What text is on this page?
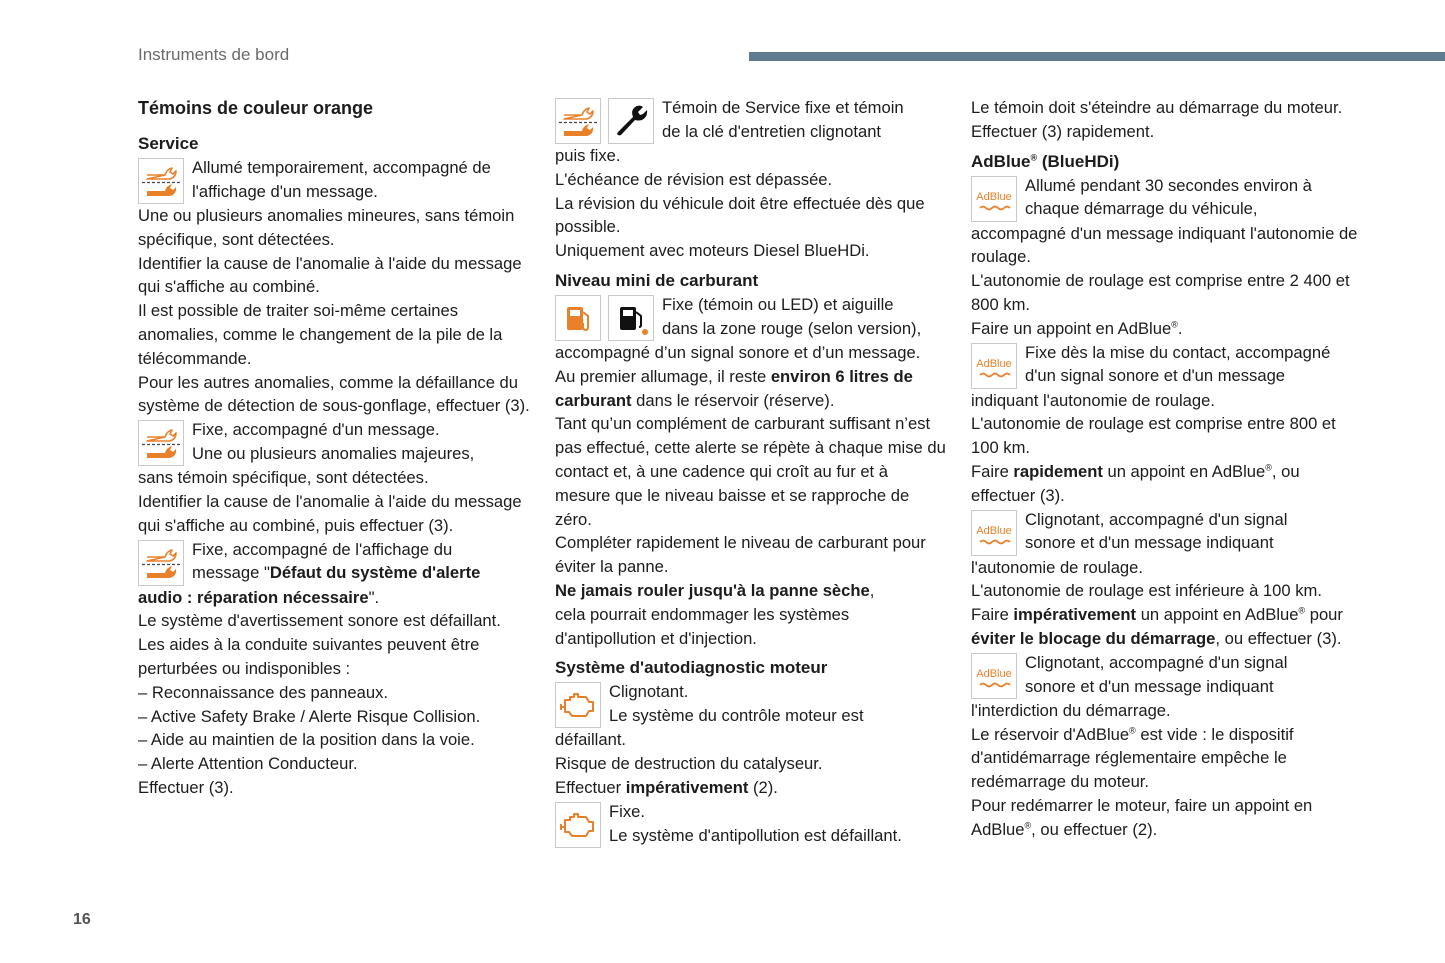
Instruments de bord
16
Témoins de couleur orange
Service
Allumé temporairement, accompagné de
l'affichage d'un message.

Une ou plusieurs anomalies mineures, sans témoin spécifique, sont détectées.

Identifier la cause de l'anomalie à l'aide du message qui s'affiche au combiné.

Il est possible de traiter soi-même certaines anomalies, comme le changement de la pile de la télécommande.

Pour les autres anomalies, comme la défaillance du système de détection de sous-gonflage, effectuer (3).

Fixe, accompagné d'un message.
Une ou plusieurs anomalies majeures,

sans témoin spécifique, sont détectées.

Identifier la cause de l'anomalie à l'aide du message qui s'affiche au combiné, puis effectuer (3).

Fixe, accompagné de l'affichage du
message "Défaut du système d'alerte

audio : réparation nécessaire".

Le système d'avertissement sonore est défaillant.

Les aides à la conduite suivantes peuvent être perturbées ou indisponibles :

– Reconnaissance des panneaux.

– Active Safety Brake / Alerte Risque Collision.

– Aide au maintien de la position dans la voie.

– Alerte Attention Conducteur.

Effectuer (3).

Témoin de Service fixe et témoin
de la clé d'entretien clignotant

puis fixe.

L'échéance de révision est dépassée.

La révision du véhicule doit être effectuée dès que possible.

Uniquement avec moteurs Diesel BlueHDi.

Niveau mini de carburant
Fixe (témoin ou LED) et aiguille
dans la zone rouge (selon version),

accompagné d’un signal sonore et d’un message.

Au premier allumage, il reste environ 6 litres de carburant dans le réservoir (réserve).

Tant qu’un complément de carburant suffisant n’est pas effectué, cette alerte se répète à chaque mise du contact et, à une cadence qui croît au fur et à mesure que le niveau baisse et se rapproche de zéro.

Compléter rapidement le niveau de carburant pour éviter la panne.

Ne jamais rouler jusqu'à la panne sèche,

cela pourrait endommager les systèmes d'antipollution et d'injection.

Système d'autodiagnostic moteur
Clignotant.
Le système du contrôle moteur est

défaillant.

Risque de destruction du catalyseur.

Effectuer impérativement (2).

Fixe.
Le système d'antipollution est défaillant.

Le témoin doit s'éteindre au démarrage du moteur.

Effectuer (3) rapidement.

AdBlue® (BlueHDi)
AdBlue
Allumé pendant 30 secondes environ à
chaque démarrage du véhicule,

accompagné d'un message indiquant l'autonomie de roulage.

L'autonomie de roulage est comprise entre 2 400 et 800 km.

Faire un appoint en AdBlue®.

AdBlue
Fixe dès la mise du contact, accompagné
d'un signal sonore et d'un message

indiquant l'autonomie de roulage.

L'autonomie de roulage est comprise entre 800 et 100 km.

Faire rapidement un appoint en AdBlue®, ou effectuer (3).

AdBlue
Clignotant, accompagné d'un signal
sonore et d'un message indiquant

l'autonomie de roulage.

L'autonomie de roulage est inférieure à 100 km.

Faire impérativement un appoint en AdBlue® pour éviter le blocage du démarrage, ou effectuer (3).

AdBlue
Clignotant, accompagné d'un signal
sonore et d'un message indiquant

l'interdiction du démarrage.

Le réservoir d'AdBlue® est vide : le dispositif d'antidémarrage réglementaire empêche le redémarrage du moteur.

Pour redémarrer le moteur, faire un appoint en AdBlue®, ou effectuer (2).
